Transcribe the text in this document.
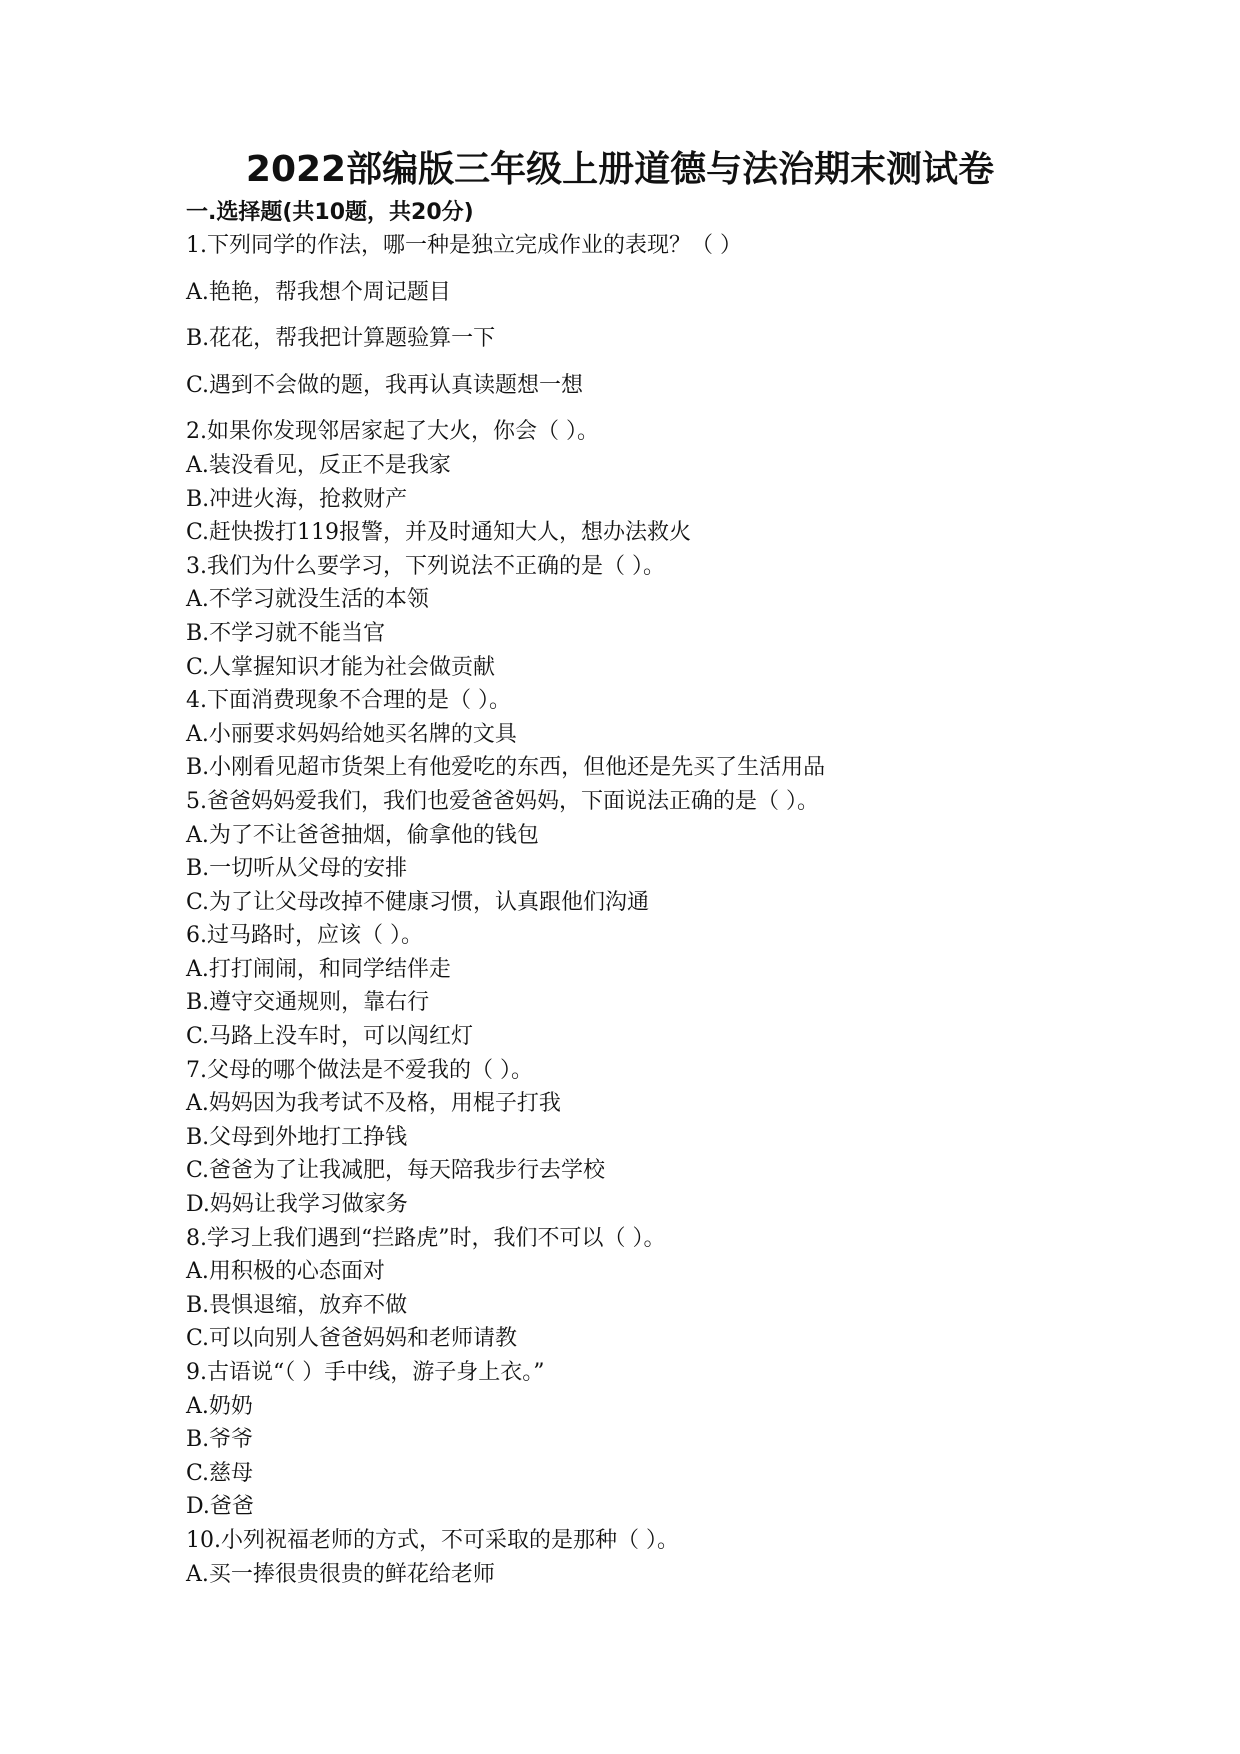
2022部编版三年级上册道德与法治期末测试卷
一.选择题(共10题，共20分)
1.下列同学的作法，哪一种是独立完成作业的表现？（ ）
A.艳艳，帮我想个周记题目
B.花花，帮我把计算题验算一下
C.遇到不会做的题，我再认真读题想一想
2.如果你发现邻居家起了大火，你会（ ）。
A.装没看见，反正不是我家
B.冲进火海，抢救财产
C.赶快拨打119报警，并及时通知大人，想办法救火
3.我们为什么要学习，下列说法不正确的是（ ）。
A.不学习就没生活的本领
B.不学习就不能当官
C.人掌握知识才能为社会做贡献
4.下面消费现象不合理的是（ ）。
A.小丽要求妈妈给她买名牌的文具
B.小刚看见超市货架上有他爱吃的东西，但他还是先买了生活用品
5.爸爸妈妈爱我们，我们也爱爸爸妈妈，下面说法正确的是（ ）。
A.为了不让爸爸抽烟，偷拿他的钱包
B.一切听从父母的安排
C.为了让父母改掉不健康习惯，认真跟他们沟通
6.过马路时，应该（ ）。
A.打打闹闹，和同学结伴走
B.遵守交通规则，靠右行
C.马路上没车时，可以闯红灯
7.父母的哪个做法是不爱我的（ ）。
A.妈妈因为我考试不及格，用棍子打我
B.父母到外地打工挣钱
C.爸爸为了让我减肥，每天陪我步行去学校
D.妈妈让我学习做家务
8.学习上我们遇到“拦路虎”时，我们不可以（ ）。
A.用积极的心态面对
B.畏惧退缩，放弃不做
C.可以向别人爸爸妈妈和老师请教
9.古语说“（ ）手中线，游子身上衣。”
A.奶奶
B.爷爷
C.慈母
D.爸爸
10.小列祝福老师的方式，不可采取的是那种（ ）。
A.买一捧很贵很贵的鲜花给老师
